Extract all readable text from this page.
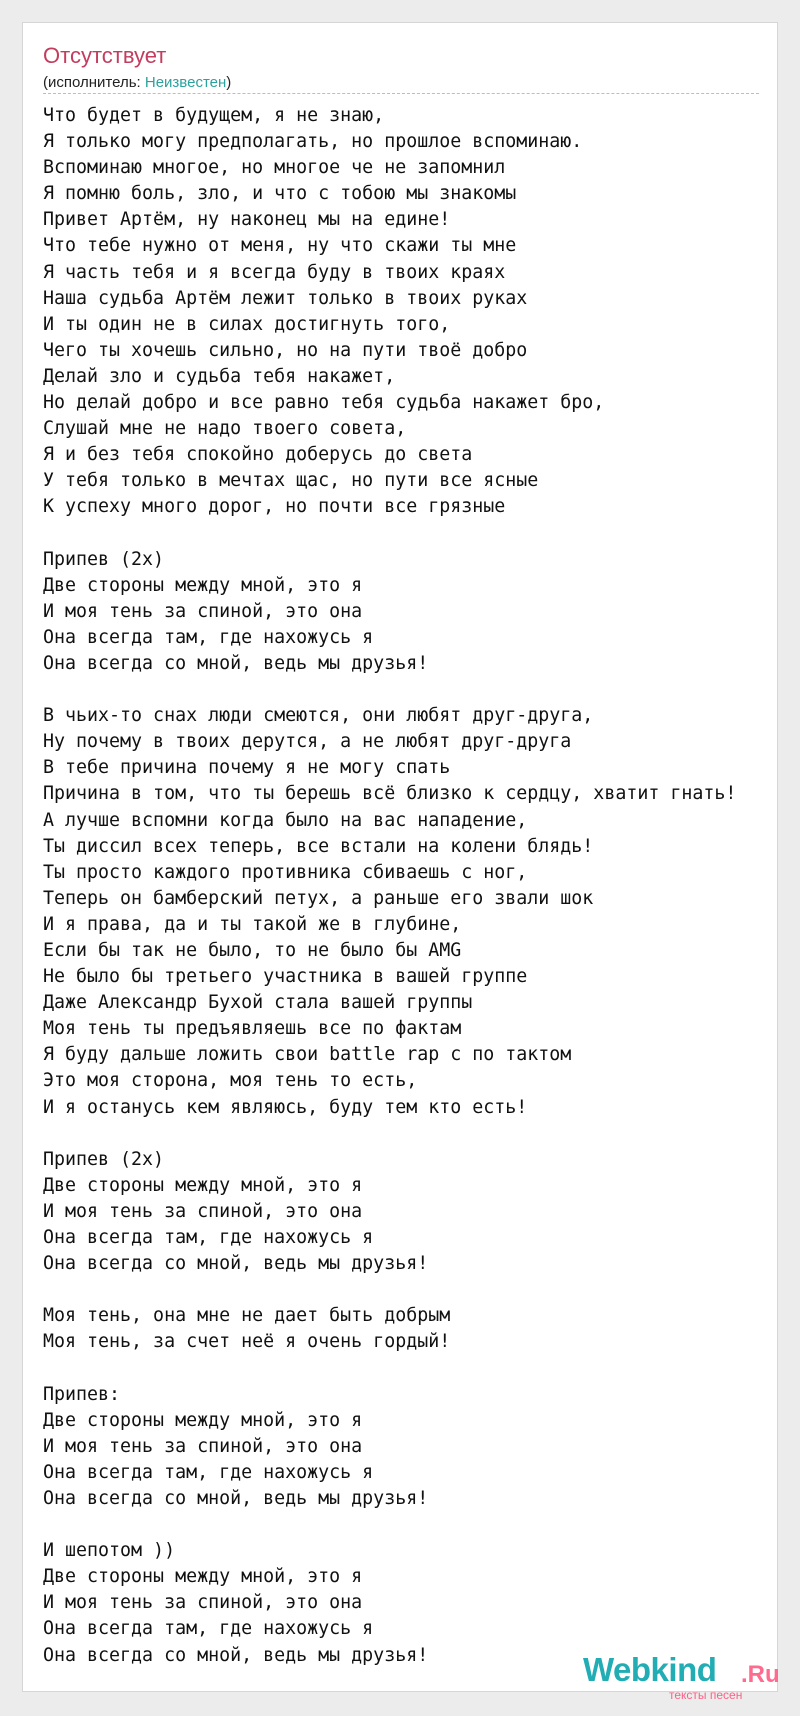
Отсутствует
(исполнитель: Неизвестен)
Что будет в будущем, я не знаю,
Я только могу предполагать, но прошлое вспоминаю.
Вспоминаю многое, но многое че не запомнил
Я помню боль, зло, и что с тобою мы знакомы
Привет Артём, ну наконец мы на едине!
Что тебе нужно от меня, ну что скажи ты мне
Я часть тебя и я всегда буду в твоих краях
Наша судьба Артём лежит только в твоих руках
И ты один не в силах достигнуть того,
Чего ты хочешь сильно, но на пути твоё добро
Делай зло и судьба тебя накажет,
Но делай добро и все равно тебя судьба накажет бро,
Слушай мне не надо твоего совета,
Я и без тебя спокойно доберусь до света
У тебя только в мечтах щас, но пути все ясные
К успеху много дорог, но почти все грязные

Припев (2x)
Две стороны между мной, это я
И моя тень за спиной, это она
Она всегда там, где нахожусь я
Она всегда со мной, ведь мы друзья!

В чьих-то снах люди смеются, они любят друг-друга,
Ну почему в твоих дерутся, а не любят друг-друга
В тебе причина почему я не могу спать
Причина в том, что ты берешь всё близко к сердцу, хватит гнать!
А лучше вспомни когда было на вас нападение,
Ты диссил всех теперь, все встали на колени блядь!
Ты просто каждого противника сбиваешь с ног,
Теперь он бамберский петух, а раньше его звали шок
И я права, да и ты такой же в глубине,
Если бы так не было, то не было бы AMG
Не было бы третьего участника в вашей группе
Даже Александр Бухой стала вашей группы
Моя тень ты предъявляешь все по фактам
Я буду дальше ложить свои battle rap с по тактом
Это моя сторона, моя тень то есть,
И я останусь кем являюсь, буду тем кто есть!

Припев (2x)
Две стороны между мной, это я
И моя тень за спиной, это она
Она всегда там, где нахожусь я
Она всегда со мной, ведь мы друзья!

Моя тень, она мне не дает быть добрым
Моя тень, за счет неё я очень гордый!

Припев:
Две стороны между мной, это я
И моя тень за спиной, это она
Она всегда там, где нахожусь я
Она всегда со мной, ведь мы друзья!

И шепотом ))
Две стороны между мной, это я
И моя тень за спиной, это она
Она всегда там, где нахожусь я
Она всегда со мной, ведь мы друзья!	Webkind .Ru
тексты песен
